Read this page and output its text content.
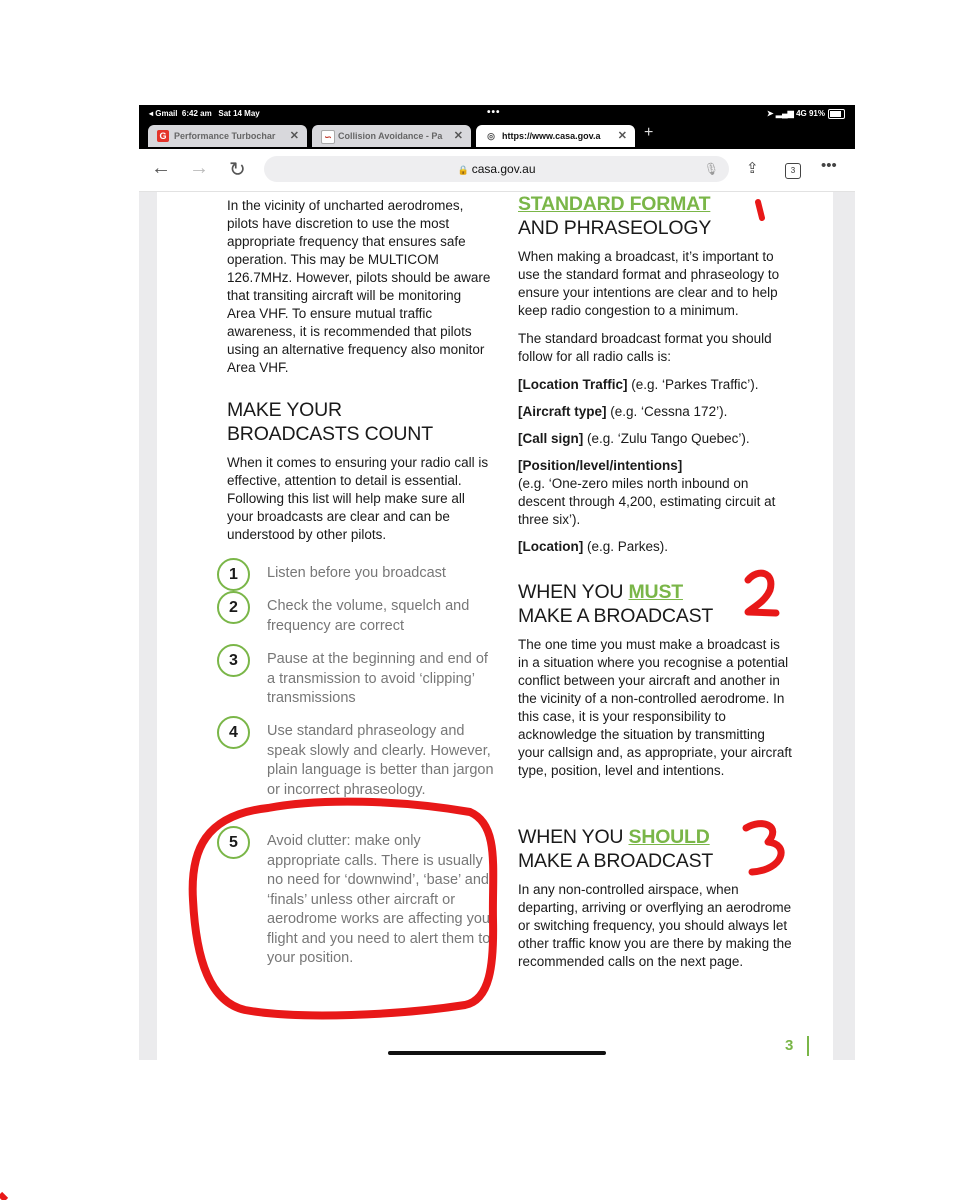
◂ Gmail 6:42 am Sat 14 May	•••	➤ ▂▄▆ 4G 91%
G Performance Turbochar ✕	∽ Collision Avoidance - Pa ✕	◎ https://www.casa.gov.a ✕ +
← → ↻	🔒 casa.gov.au	🎙 ⇪	3	•••

In the vicinity of uncharted aerodromes, pilots have discretion to use the most appropriate frequency that ensures safe operation. This may be MULTICOM 126.7MHz. However, pilots should be aware that transiting aircraft will be monitoring Area VHF. To ensure mutual traffic awareness, it is recommended that pilots using an alternative frequency also monitor Area VHF.

MAKE YOUR
BROADCASTS COUNT

When it comes to ensuring your radio call is effective, attention to detail is essential. Following this list will help make sure all your broadcasts are clear and can be understood by other pilots.

1	Listen before you broadcast
2	Check the volume, squelch and frequency are correct
3	Pause at the beginning and end of a transmission to avoid ‘clipping’ transmissions
4	Use standard phraseology and speak slowly and clearly. However, plain language is better than jargon or incorrect phraseology.
5	Avoid clutter: make only appropriate calls. There is usually no need for ‘downwind’, ‘base’ and ‘finals’ unless other aircraft or aerodrome works are affecting your flight and you need to alert them to your position.
STANDARD FORMAT
AND PHRASEOLOGY

When making a broadcast, it’s important to use the standard format and phraseology to ensure your intentions are clear and to help keep radio congestion to a minimum.

The standard broadcast format you should follow for all radio calls is:

[Location Traffic] (e.g. ‘Parkes Traffic’).

[Aircraft type] (e.g. ‘Cessna 172’).

[Call sign] (e.g. ‘Zulu Tango Quebec’).

[Position/level/intentions]
(e.g. ‘One-zero miles north inbound on descent through 4,200, estimating circuit at three six’).

[Location] (e.g. Parkes).

WHEN YOU MUST
MAKE A BROADCAST

The one time you must make a broadcast is in a situation where you recognise a potential conflict between your aircraft and another in the vicinity of a non-controlled aerodrome. In this case, it is your responsibility to acknowledge the situation by transmitting your callsign and, as appropriate, your aircraft type, position, level and intentions.

WHEN YOU SHOULD
MAKE A BROADCAST

In any non-controlled airspace, when departing, arriving or overflying an aerodrome or switching frequency, you should always let other traffic know you are there by making the recommended calls on the next page.

3
